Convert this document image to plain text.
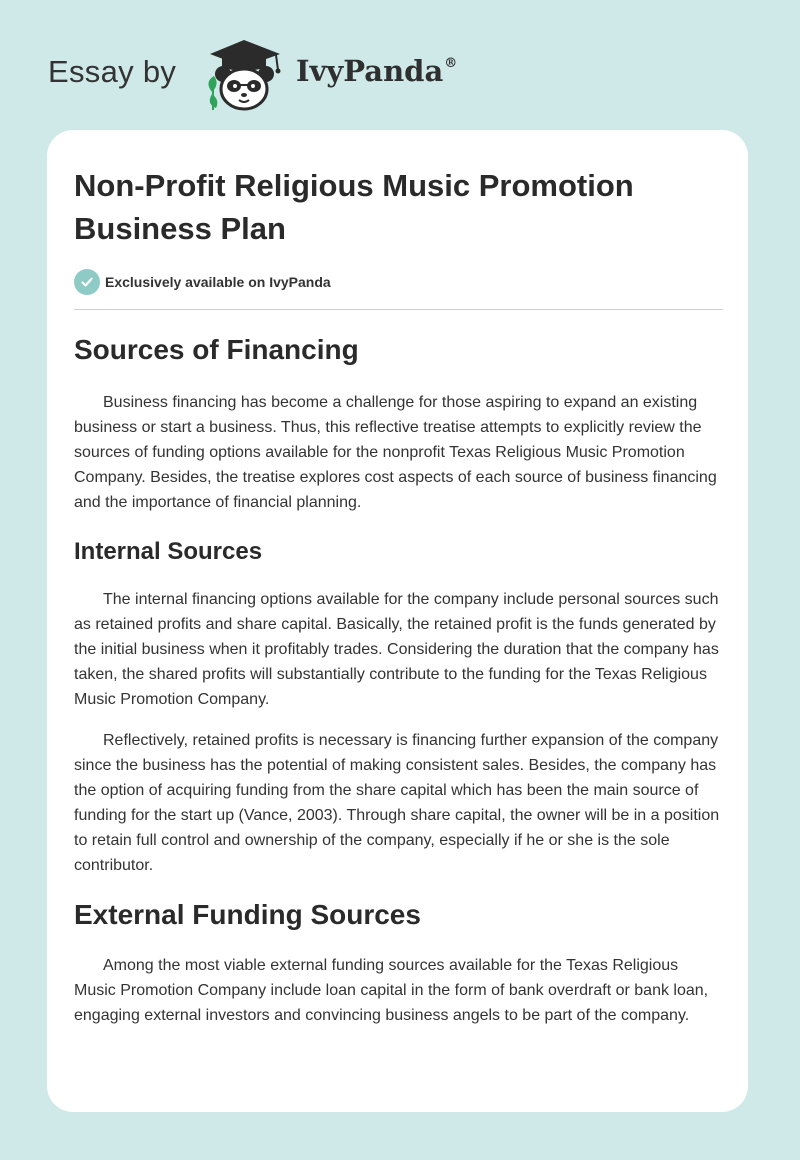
Essay by	IvyPanda®
Non-Profit Religious Music Promotion Business Plan
Exclusively available on IvyPanda
Sources of Financing

Business financing has become a challenge for those aspiring to expand an existing business or start a business. Thus, this reflective treatise attempts to explicitly review the sources of funding options available for the nonprofit Texas Religious Music Promotion Company. Besides, the treatise explores cost aspects of each source of business financing and the importance of financial planning.

Internal Sources

The internal financing options available for the company include personal sources such as retained profits and share capital. Basically, the retained profit is the funds generated by the initial business when it profitably trades. Considering the duration that the company has taken, the shared profits will substantially contribute to the funding for the Texas Religious Music Promotion Company.

Reflectively, retained profits is necessary is financing further expansion of the company since the business has the potential of making consistent sales. Besides, the company has the option of acquiring funding from the share capital which has been the main source of funding for the start up (Vance, 2003). Through share capital, the owner will be in a position to retain full control and ownership of the company, especially if he or she is the sole contributor.

External Funding Sources

Among the most viable external funding sources available for the Texas Religious Music Promotion Company include loan capital in the form of bank overdraft or bank loan, engaging external investors and convincing business angels to be part of the company.
